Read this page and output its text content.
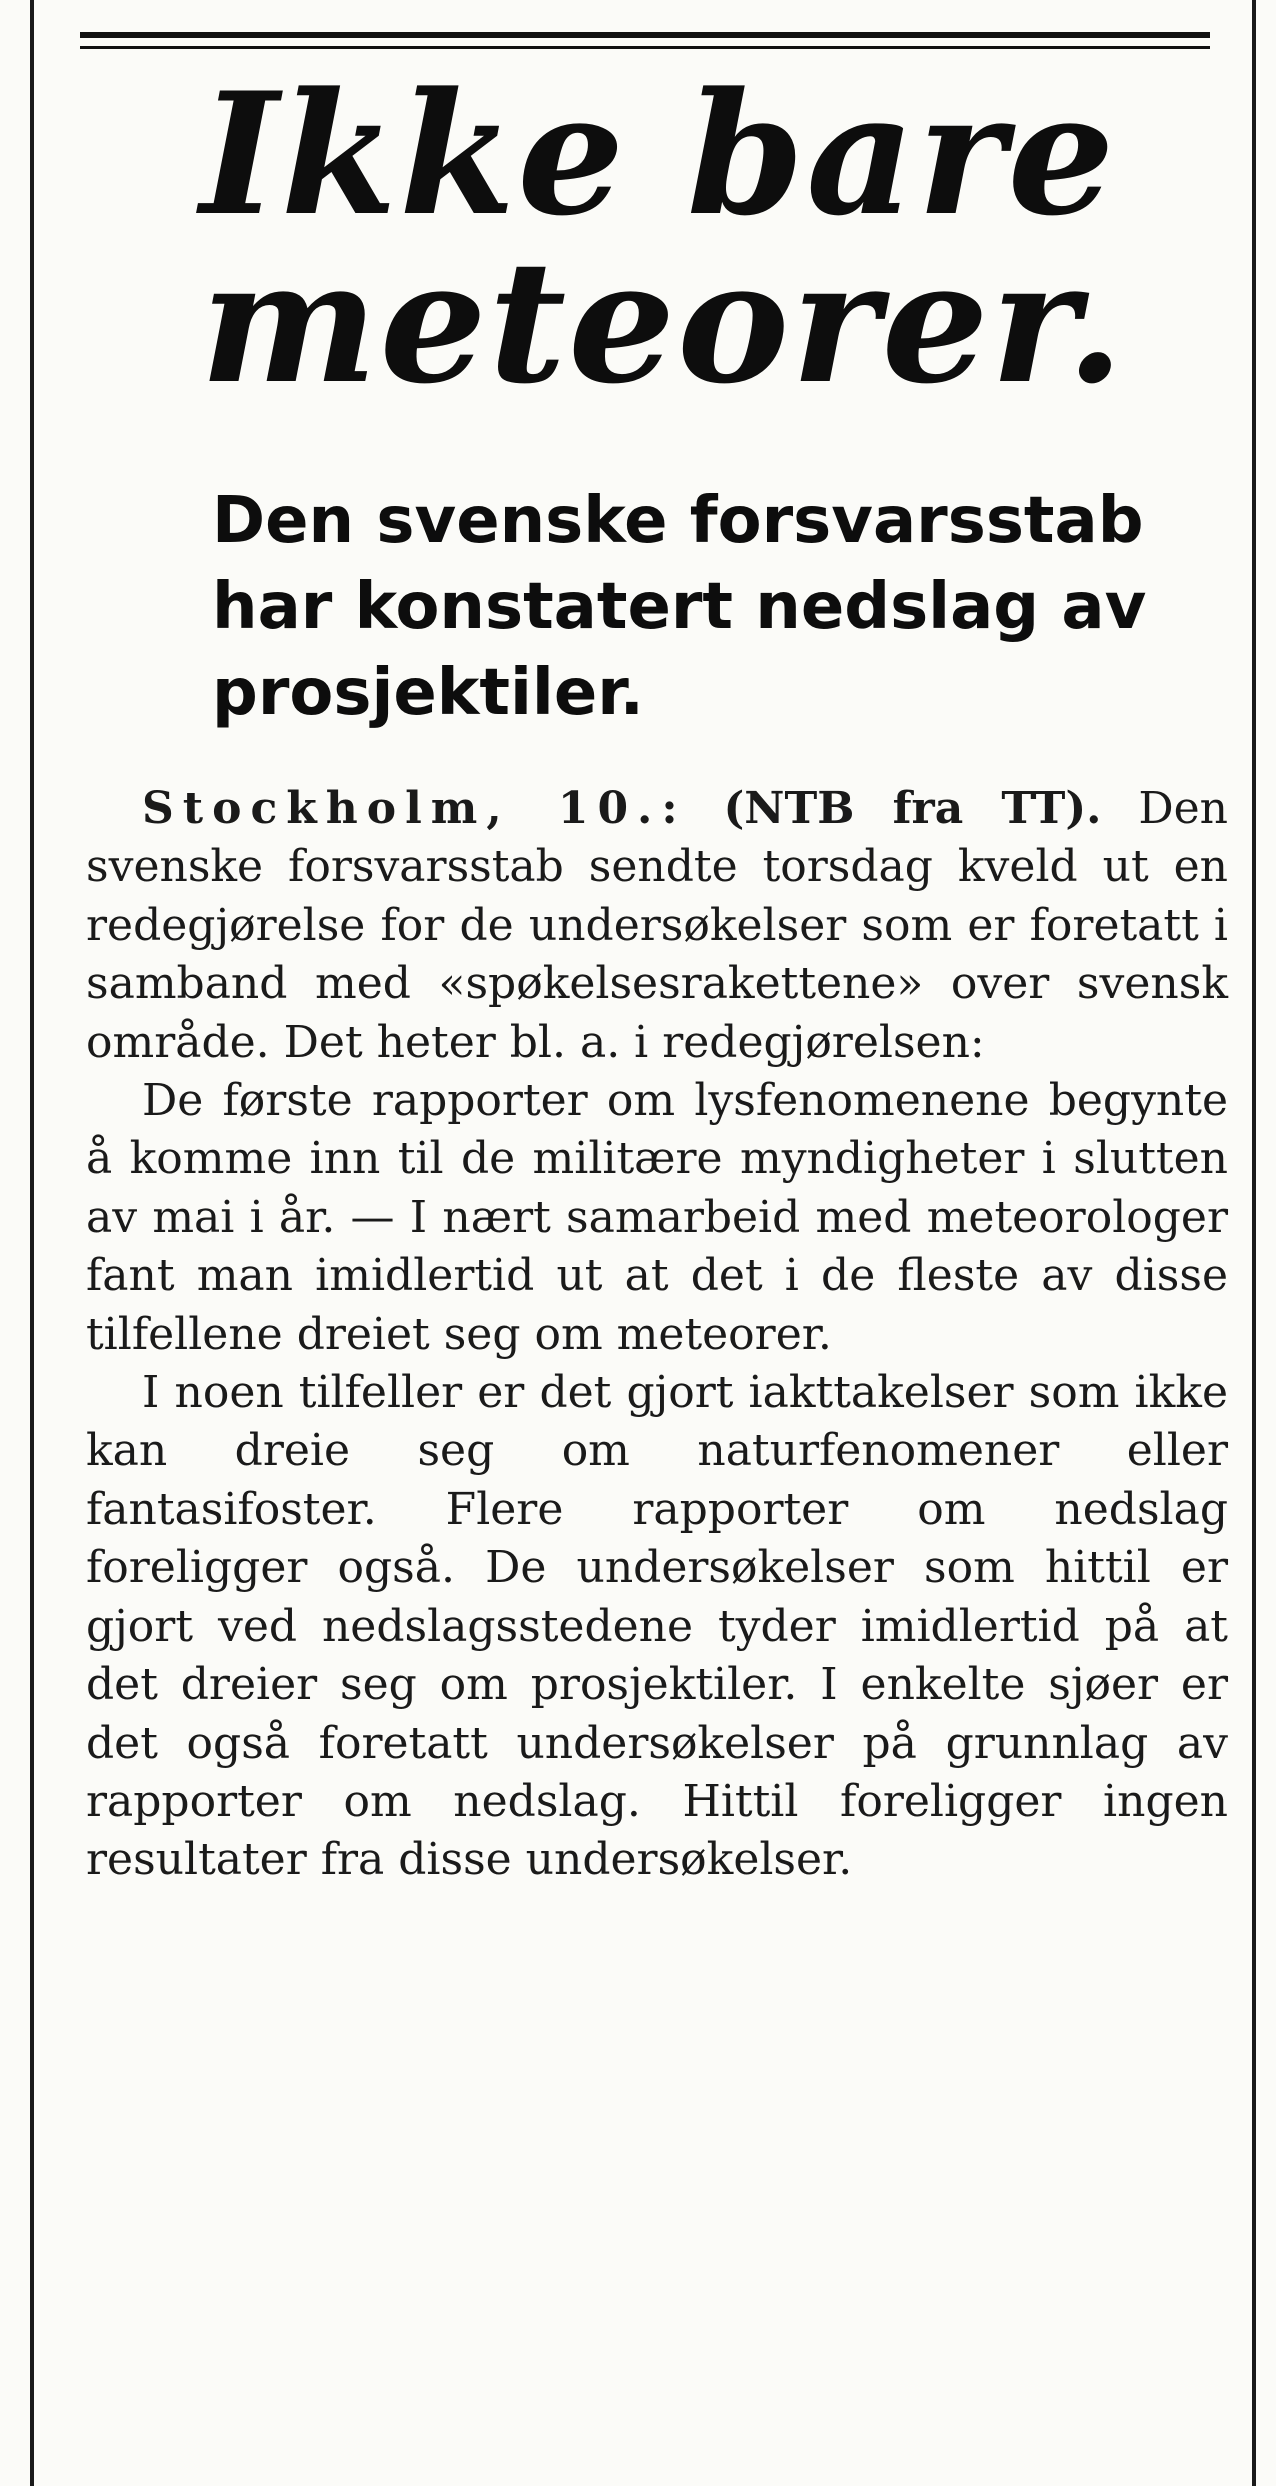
Ikke bare meteorer.
Den svenske forsvarsstab har konstatert nedslag av prosjektiler.

Stockholm, 10.: (NTB fra TT). Den svenske forsvarsstab sendte torsdag kveld ut en redegjørelse for de undersøkelser som er foretatt i samband med «spøkelsesrakettene» over svensk område. Det heter bl. a. i redegjørelsen:

De første rapporter om lysfenomenene begynte å komme inn til de militære myndigheter i slutten av mai i år. — I nært samarbeid med meteorologer fant man imidlertid ut at det i de fleste av disse tilfellene dreiet seg om meteorer.

I noen tilfeller er det gjort iakttakelser som ikke kan dreie seg om naturfenomener eller fantasifoster. Flere rapporter om nedslag foreligger også. De undersøkelser som hittil er gjort ved nedslagsstedene tyder imidlertid på at det dreier seg om prosjektiler. I enkelte sjøer er det også foretatt undersøkelser på grunnlag av rapporter om nedslag. Hittil foreligger ingen resultater fra disse undersøkelser.
